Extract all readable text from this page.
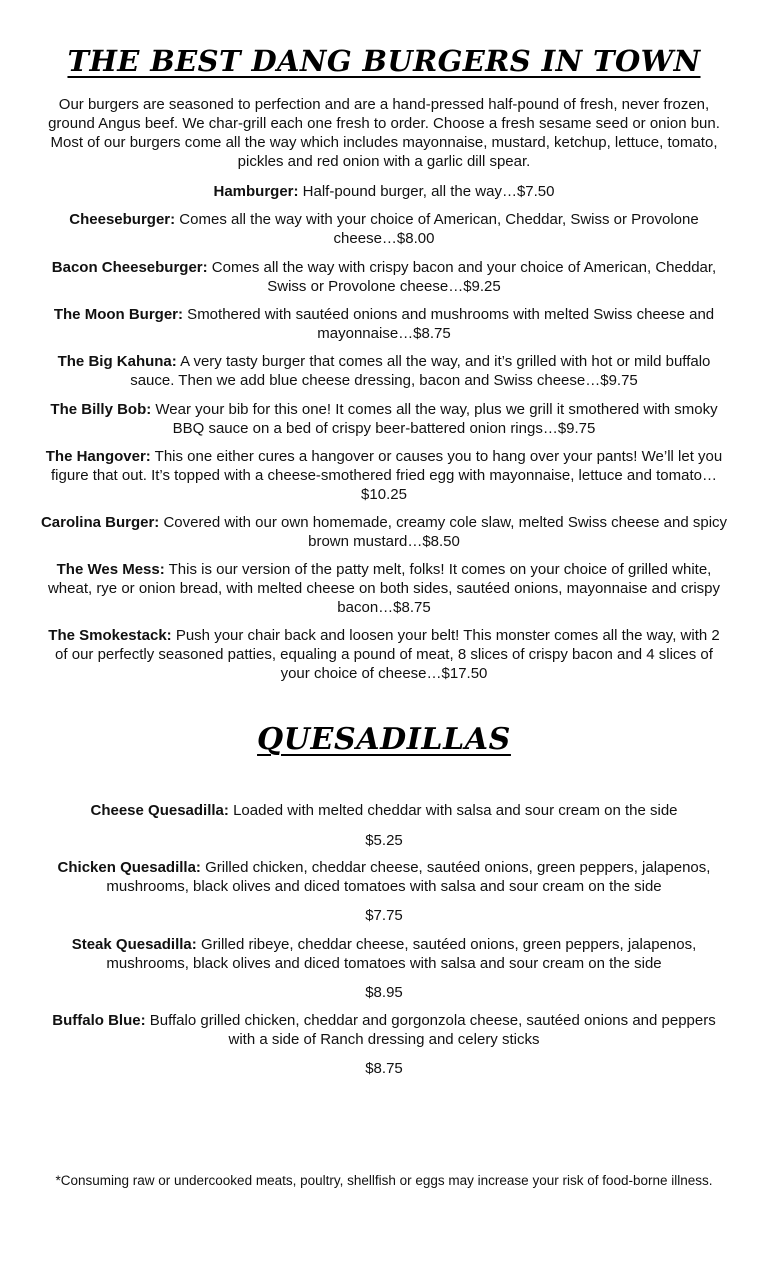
THE BEST DANG BURGERS IN TOWN

Our burgers are seasoned to perfection and are a hand-pressed half-pound of fresh, never frozen, ground Angus beef. We char-grill each one fresh to order. Choose a fresh sesame seed or onion bun. Most of our burgers come all the way which includes mayonnaise, mustard, ketchup, lettuce, tomato, pickles and red onion with a garlic dill spear.

Hamburger: Half-pound burger, all the way…$7.50

Cheeseburger: Comes all the way with your choice of American, Cheddar, Swiss or Provolone cheese…$8.00

Bacon Cheeseburger: Comes all the way with crispy bacon and your choice of American, Cheddar, Swiss or Provolone cheese…$9.25

The Moon Burger: Smothered with sautéed onions and mushrooms with melted Swiss cheese and mayonnaise…$8.75

The Big Kahuna: A very tasty burger that comes all the way, and it’s grilled with hot or mild buffalo sauce. Then we add blue cheese dressing, bacon and Swiss cheese…$9.75

The Billy Bob: Wear your bib for this one! It comes all the way, plus we grill it smothered with smoky BBQ sauce on a bed of crispy beer-battered onion rings…$9.75

The Hangover: This one either cures a hangover or causes you to hang over your pants! We’ll let you figure that out. It’s topped with a cheese-smothered fried egg with mayonnaise, lettuce and tomato…$10.25

Carolina Burger: Covered with our own homemade, creamy cole slaw, melted Swiss cheese and spicy brown mustard…$8.50

The Wes Mess: This is our version of the patty melt, folks! It comes on your choice of grilled white, wheat, rye or onion bread, with melted cheese on both sides, sautéed onions, mayonnaise and crispy bacon…$8.75

The Smokestack: Push your chair back and loosen your belt! This monster comes all the way, with 2 of our perfectly seasoned patties, equaling a pound of meat, 8 slices of crispy bacon and 4 slices of your choice of cheese…$17.50

QUESADILLAS

Cheese Quesadilla: Loaded with melted cheddar with salsa and sour cream on the side

$5.25

Chicken Quesadilla: Grilled chicken, cheddar cheese, sautéed onions, green peppers, jalapenos, mushrooms, black olives and diced tomatoes with salsa and sour cream on the side

$7.75

Steak Quesadilla: Grilled ribeye, cheddar cheese, sautéed onions, green peppers, jalapenos, mushrooms, black olives and diced tomatoes with salsa and sour cream on the side

$8.95

Buffalo Blue: Buffalo grilled chicken, cheddar and gorgonzola cheese, sautéed onions and peppers with a side of Ranch dressing and celery sticks

$8.75

*Consuming raw or undercooked meats, poultry, shellfish or eggs may increase your risk of food-borne illness.
